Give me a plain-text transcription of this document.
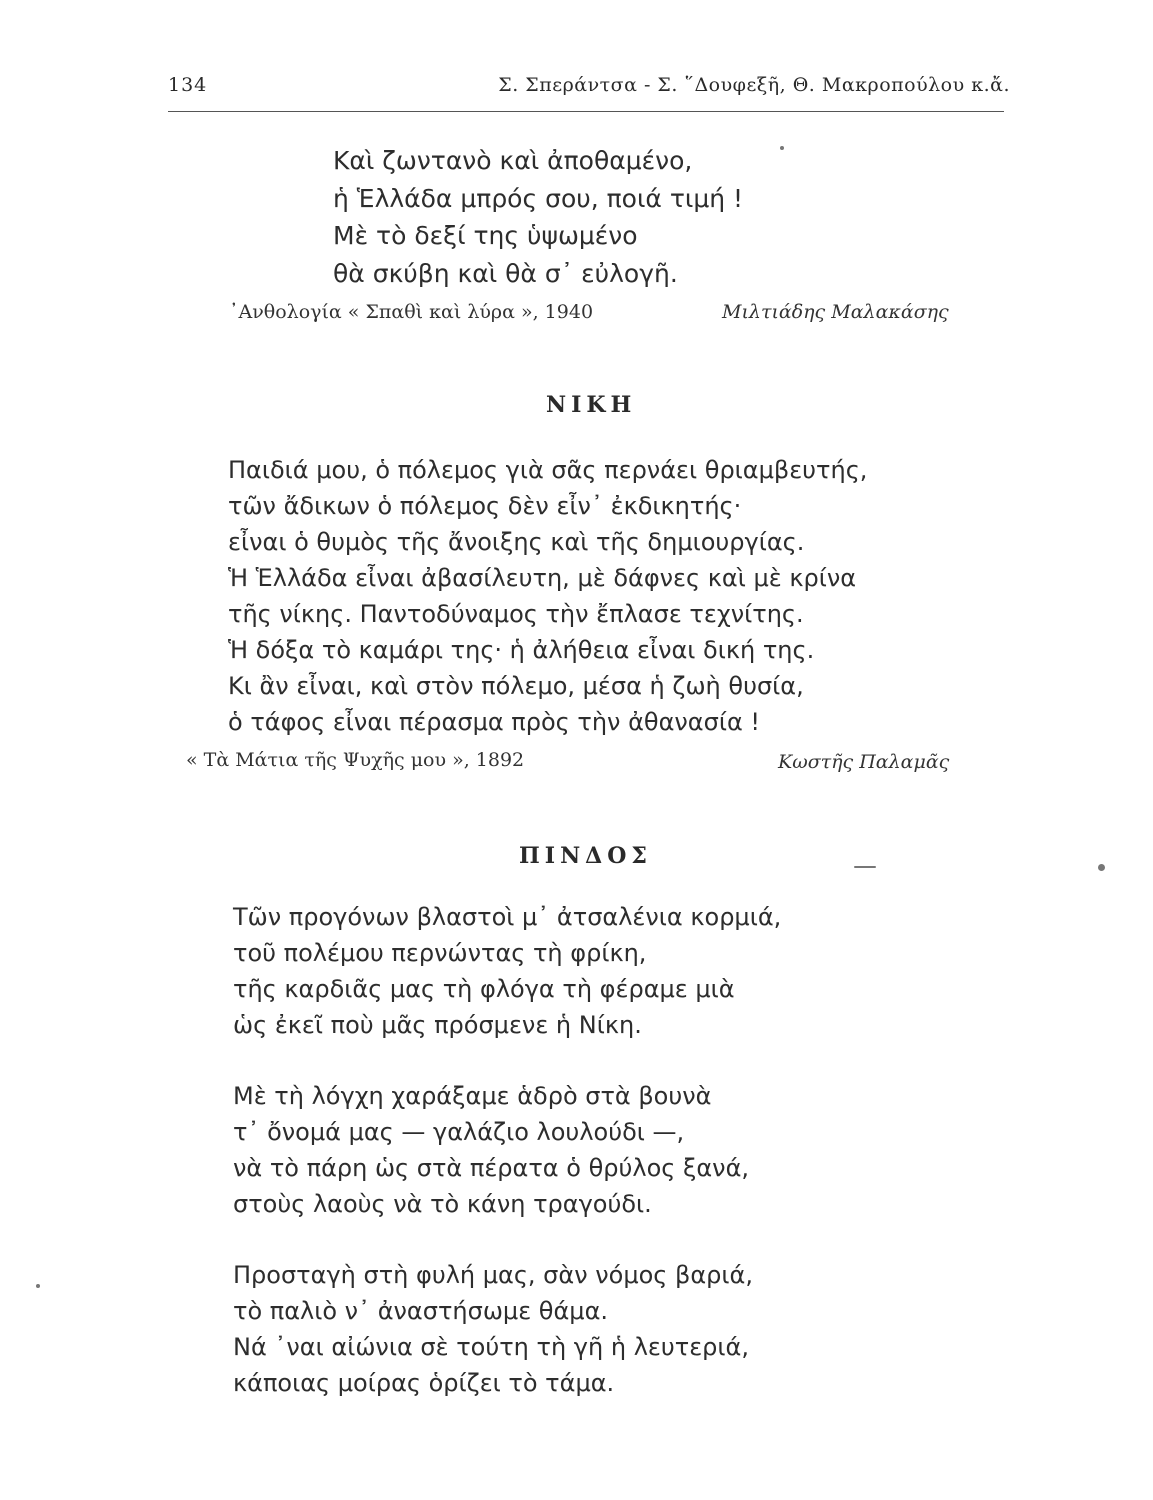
134	Σ. Σπεράντσα - Σ. ῞Δουφεξῆ, Θ. Μακροπούλου κ.ἄ.
Καὶ ζωντανὸ καὶ ἀποθαμένο,
ἡ Ἑλλάδα μπρός σου, ποιά τιμή !
Μὲ τὸ δεξί της ὑψωμένο
θὰ σκύβη καὶ θὰ σ᾽ εὐλογῆ.
᾽Ανθολογία « Σπαθὶ καὶ λύρα », 1940	Μιλτιάδης Μαλακάσης
ΝΙΚΗ
Παιδιά μου, ὁ πόλεμος γιὰ σᾶς περνάει θριαμβευτής,
τῶν ἄδικων ὁ πόλεμος δὲν εἶν᾽ ἐκδικητής·
εἶναι ὁ θυμὸς τῆς ἄνοιξης καὶ τῆς δημιουργίας.
Ἡ Ἑλλάδα εἶναι ἀβασίλευτη, μὲ δάφνες καὶ μὲ κρίνα
τῆς νίκης. Παντοδύναμος τὴν ἔπλασε τεχνίτης.
Ἡ δόξα τὸ καμάρι της· ἡ ἀλήθεια εἶναι δική της.
Κι ἂν εἶναι, καὶ στὸν πόλεμο, μέσα ἡ ζωὴ θυσία,
ὁ τάφος εἶναι πέρασμα πρὸς τὴν ἀθανασία !
« Τὰ Μάτια τῆς Ψυχῆς μου », 1892	Κωστῆς Παλαμᾶς
ΠΙΝΔΟΣ
Τῶν προγόνων βλαστοὶ μ᾽ ἀτσαλένια κορμιά,
τοῦ πολέμου περνώντας τὴ φρίκη,
τῆς καρδιᾶς μας τὴ φλόγα τὴ φέραμε μιὰ
ὡς ἐκεῖ ποὺ μᾶς πρόσμενε ἡ Νίκη.
Μὲ τὴ λόγχη χαράξαμε ἁδρὸ στὰ βουνὰ
τ᾽ ὄνομά μας — γαλάζιο λουλούδι —,
νὰ τὸ πάρη ὡς στὰ πέρατα ὁ θρύλος ξανά,
στοὺς λαοὺς νὰ τὸ κάνη τραγούδι.
Προσταγὴ στὴ φυλή μας, σὰν νόμος βαριά,
τὸ παλιὸ ν᾽ ἀναστήσωμε θάμα.
Νά ᾽ναι αἰώνια σὲ τούτη τὴ γῆ ἡ λευτεριά,
κάποιας μοίρας ὁρίζει τὸ τάμα.
